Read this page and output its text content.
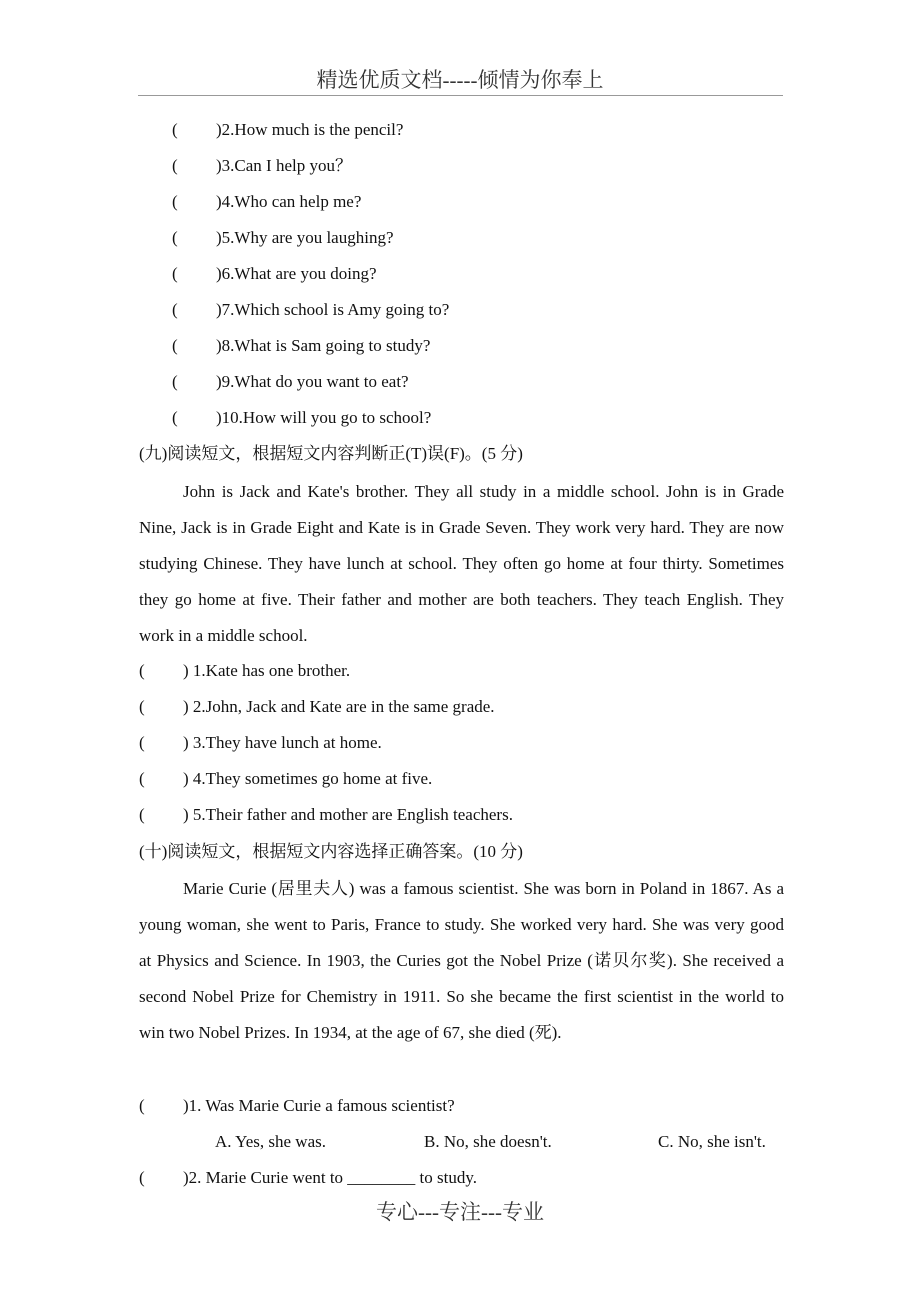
精选优质文档-----倾情为你奉上
( )2.How much is the pencil?
( )3.Can I help you？
( )4.Who can help me?
( )5.Why are you laughing?
( )6.What are you doing?
( )7.Which school is Amy going to?
( )8.What is Sam going to study?
( )9.What do you want to eat?
( )10.How will you go to school?
(九)阅读短文，根据短文内容判断正(T)误(F)。(5 分)
John is Jack and Kate's brother. They all study in a middle school. John is in Grade Nine, Jack is in Grade Eight and Kate is in Grade Seven. They work very hard. They are now studying Chinese. They have lunch at school. They often go home at four thirty. Sometimes they go home at five. Their father and mother are both teachers. They teach English. They work in a middle school.
( ) 1.Kate has one brother.
( ) 2.John, Jack and Kate are in the same grade.
( ) 3.They have lunch at home.
( ) 4.They sometimes go home at five.
( ) 5.Their father and mother are English teachers.
(十)阅读短文，根据短文内容选择正确答案。(10 分)
Marie Curie (居里夫人) was a famous scientist. She was born in Poland in 1867. As a young woman, she went to Paris, France to study. She worked very hard. She was very good at Physics and Science. In 1903, the Curies got the Nobel Prize (诺贝尔奖). She received a second Nobel Prize for Chemistry in 1911. So she became the first scientist in the world to win two Nobel Prizes. In 1934, at the age of 67, she died (死).
( )1. Was Marie Curie a famous scientist?
A. Yes, she was.	B. No, she doesn't.	C. No, she isn't.
( )2. Marie Curie went to ________ to study.
专心---专注---专业
